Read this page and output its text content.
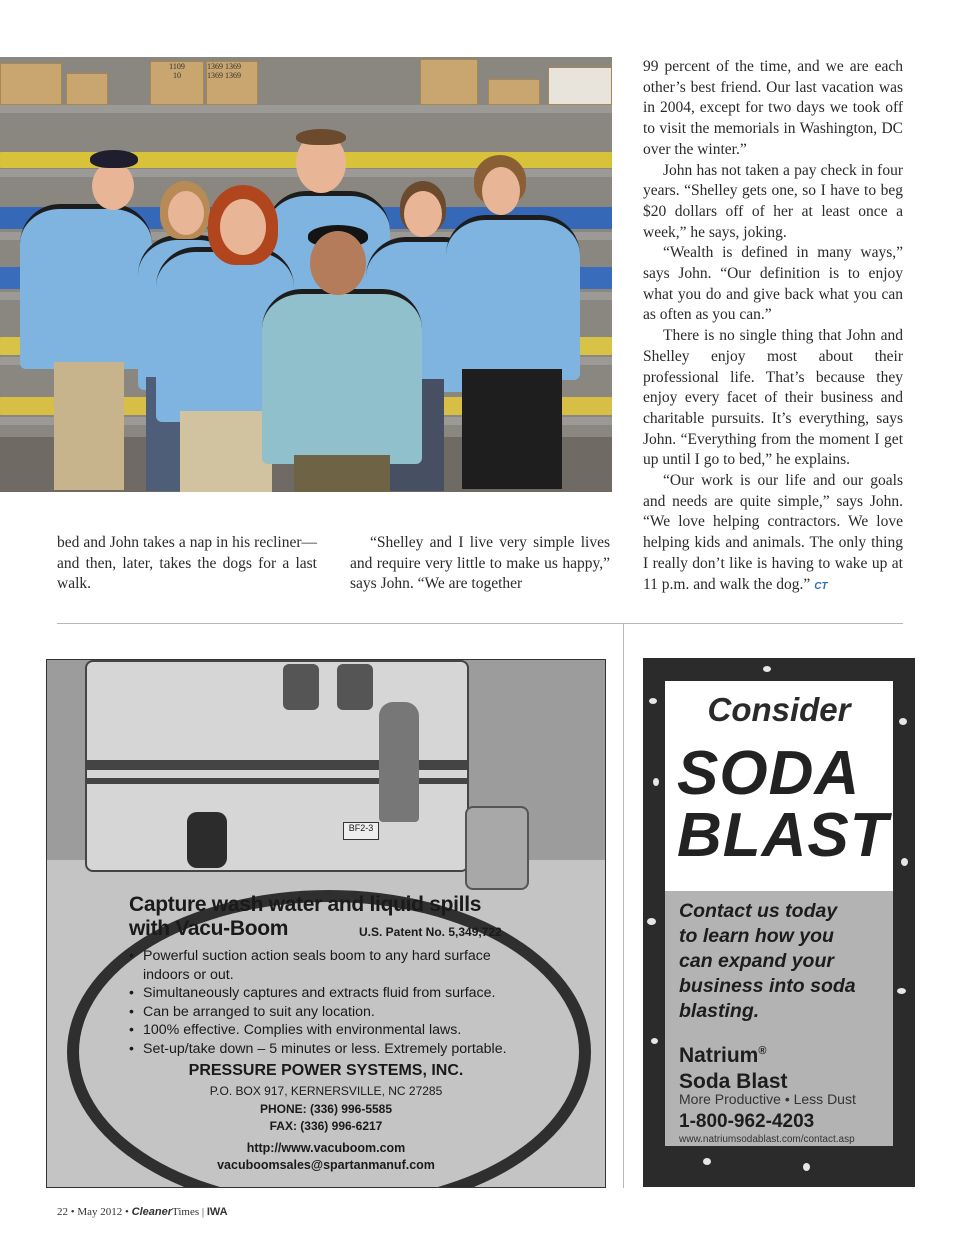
1109
10
1369 1369
1369 1369

bed and John takes a nap in his recliner—and then, later, takes the dogs for a last walk.

“Shelley and I live very simple lives and require very little to make us happy,” says John. “We are together

99 percent of the time, and we are each other’s best friend. Our last vacation was in 2004, except for two days we took off to visit the memorials in Washington, DC over the winter.”

John has not taken a pay check in four years. “Shelley gets one, so I have to beg $20 dollars off of her at least once a week,” he says, joking.

“Wealth is defined in many ways,” says John. “Our definition is to enjoy what you do and give back what you can as often as you can.”

There is no single thing that John and Shelley enjoy most about their professional life. That’s because they enjoy every facet of their business and charitable pursuits. It’s everything, says John. “Everything from the moment I get up until I go to bed,” he explains.

“Our work is our life and our goals and needs are quite simple,” says John. “We love helping contractors. We love helping kids and animals. The only thing I really don’t like is having to wake up at 11 p.m. and walk the dog.” CT

BF2-3
Capture wash water and liquid spills
with Vacu-Boom	U.S. Patent No. 5,349,722
• Powerful suction action seals boom to any hard surface indoors or out.
• Simultaneously captures and extracts fluid from surface.
• Can be arranged to suit any location.
• 100% effective. Complies with environmental laws.
• Set-up/take down – 5 minutes or less. Extremely portable.
PRESSURE POWER SYSTEMS, INC.
P.O. BOX 917, KERNERSVILLE, NC 27285
PHONE: (336) 996-5585
FAX: (336) 996-6217
http://www.vacuboom.com
vacuboomsales@spartanmanuf.com
Consider
SODA
BLAST
Contact us today
to learn how you
can expand your
business into soda
blasting.
Natrium®
Soda Blast
More Productive • Less Dust
1-800-962-4203
www.natriumsodablast.com/contact.asp
22 • May 2012 • CleanerTimes | IWA
